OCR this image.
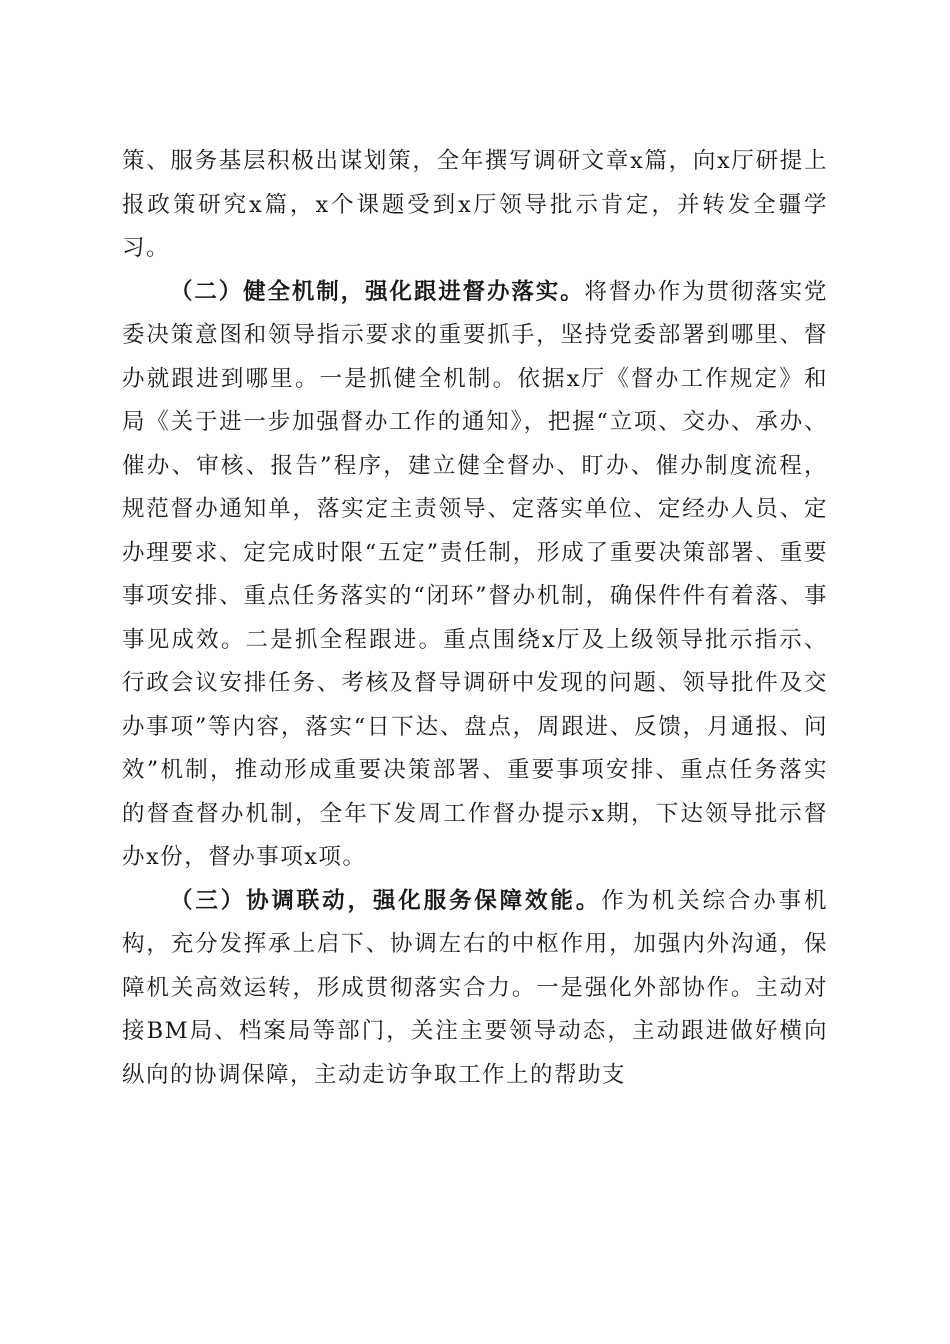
策、服务基层积极出谋划策，全年撰写调研文章x篇，向x厅研提上报政策研究x篇，x个课题受到x厅领导批示肯定，并转发全疆学习。

（二）健全机制，强化跟进督办落实。将督办作为贯彻落实党委决策意图和领导指示要求的重要抓手，坚持党委部署到哪里、督办就跟进到哪里。一是抓健全机制。依据x厅《督办工作规定》和局《关于进一步加强督办工作的通知》，把握“立项、交办、承办、催办、审核、报告”程序，建立健全督办、盯办、催办制度流程，规范督办通知单，落实定主责领导、定落实单位、定经办人员、定办理要求、定完成时限“五定”责任制，形成了重要决策部署、重要事项安排、重点任务落实的“闭环”督办机制，确保件件有着落、事事见成效。二是抓全程跟进。重点围绕x厅及上级领导批示指示、行政会议安排任务、考核及督导调研中发现的问题、领导批件及交办事项”等内容，落实“日下达、盘点，周跟进、反馈，月通报、问效”机制，推动形成重要决策部署、重要事项安排、重点任务落实的督查督办机制，全年下发周工作督办提示x期，下达领导批示督办x份，督办事项x项。

（三）协调联动，强化服务保障效能。作为机关综合办事机构，充分发挥承上启下、协调左右的中枢作用，加强内外沟通，保障机关高效运转，形成贯彻落实合力。一是强化外部协作。主动对接BM局、档案局等部门，关注主要领导动态，主动跟进做好横向纵向的协调保障，主动走访争取工作上的帮助支
